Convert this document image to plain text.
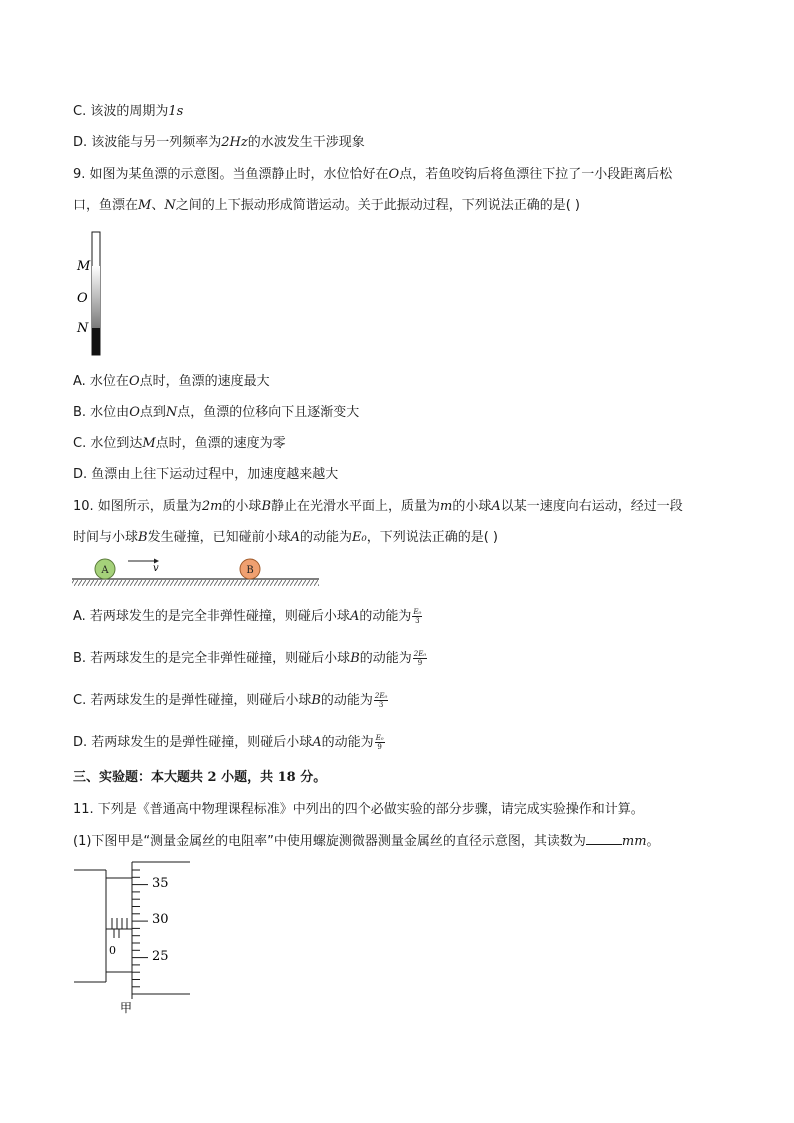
C. 该波的周期为1s
D. 该波能与另一列频率为2Hz的水波发生干涉现象
9. 如图为某鱼漂的示意图。当鱼漂静止时，水位恰好在O点，若鱼咬钩后将鱼漂往下拉了一小段距离后松
口，鱼漂在M、N之间的上下振动形成简谐运动。关于此振动过程，下列说法正确的是( )
M
O
N
A. 水位在O点时，鱼漂的速度最大
B. 水位由O点到N点，鱼漂的位移向下且逐渐变大
C. 水位到达M点时，鱼漂的速度为零
D. 鱼漂由上往下运动过程中，加速度越来越大
10. 如图所示，质量为2m的小球B静止在光滑水平面上，质量为m的小球A以某一速度向右运动，经过一段
时间与小球B发生碰撞，已知碰前小球A的动能为E₀，下列说法正确的是( )
A	B
v
A. 若两球发生的是完全非弹性碰撞，则碰后小球A的动能为 $\frac{\text{E₀}}{3}$
B. 若两球发生的是完全非弹性碰撞，则碰后小球B的动能为 $\frac{\text{2E₀}}{9}$
C. 若两球发生的是弹性碰撞，则碰后小球B的动能为 $\frac{\text{2E₀}}{3}$
D. 若两球发生的是弹性碰撞，则碰后小球A的动能为 $\frac{\text{E₀}}{9}$
三、实验题：本大题共 2 小题，共 18 分。
11. 下列是《普通高中物理课程标准》中列出的四个必做实验的部分步骤，请完成实验操作和计算。
(1)下图甲是“测量金属丝的电阻率”中使用螺旋测微器测量金属丝的直径示意图，其读数为	mm。
0
35
30
25
甲
